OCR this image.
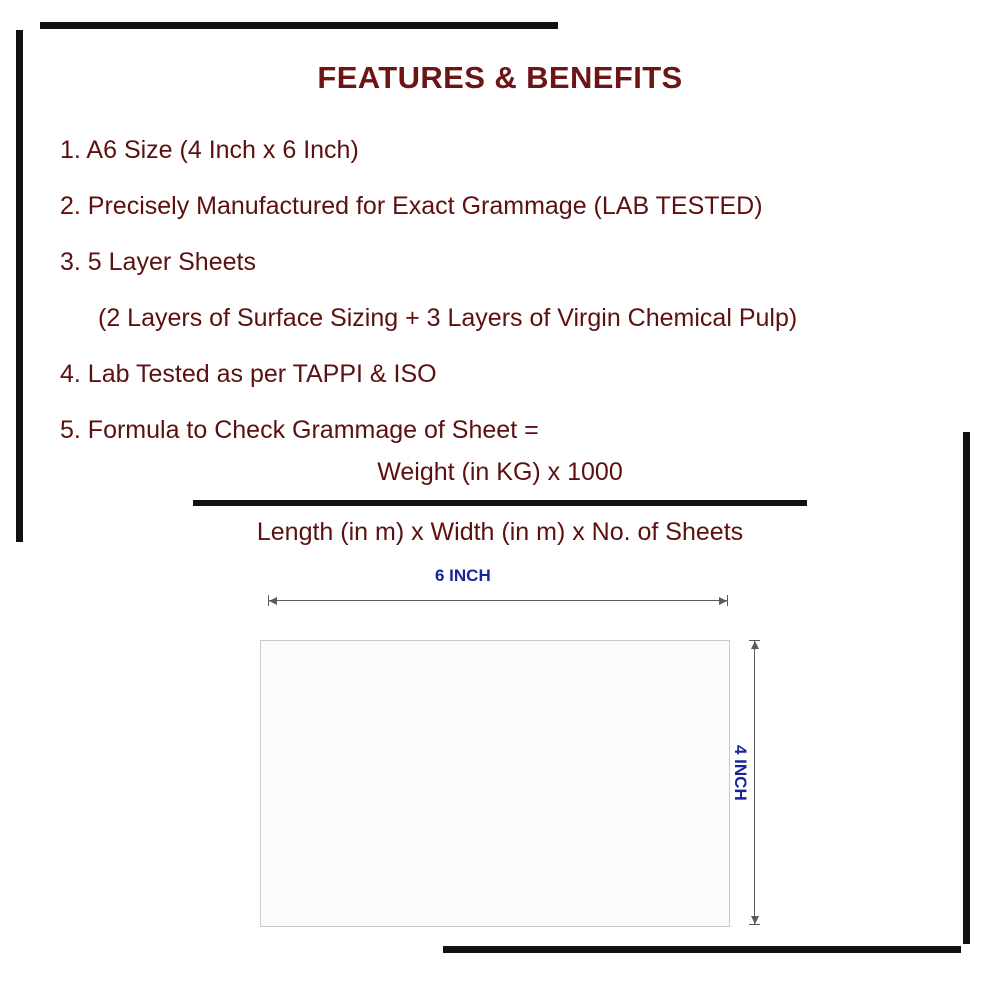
FEATURES & BENEFITS
1. A6 Size (4 Inch x 6 Inch)
2. Precisely Manufactured for Exact Grammage (LAB TESTED)
3. 5 Layer Sheets
(2 Layers of Surface Sizing + 3 Layers of Virgin Chemical Pulp)
4. Lab Tested as per TAPPI & ISO
5. Formula to Check Grammage of Sheet =
Weight (in KG) x 1000
Length (in m) x Width (in m) x No. of Sheets
6 INCH
4 INCH
